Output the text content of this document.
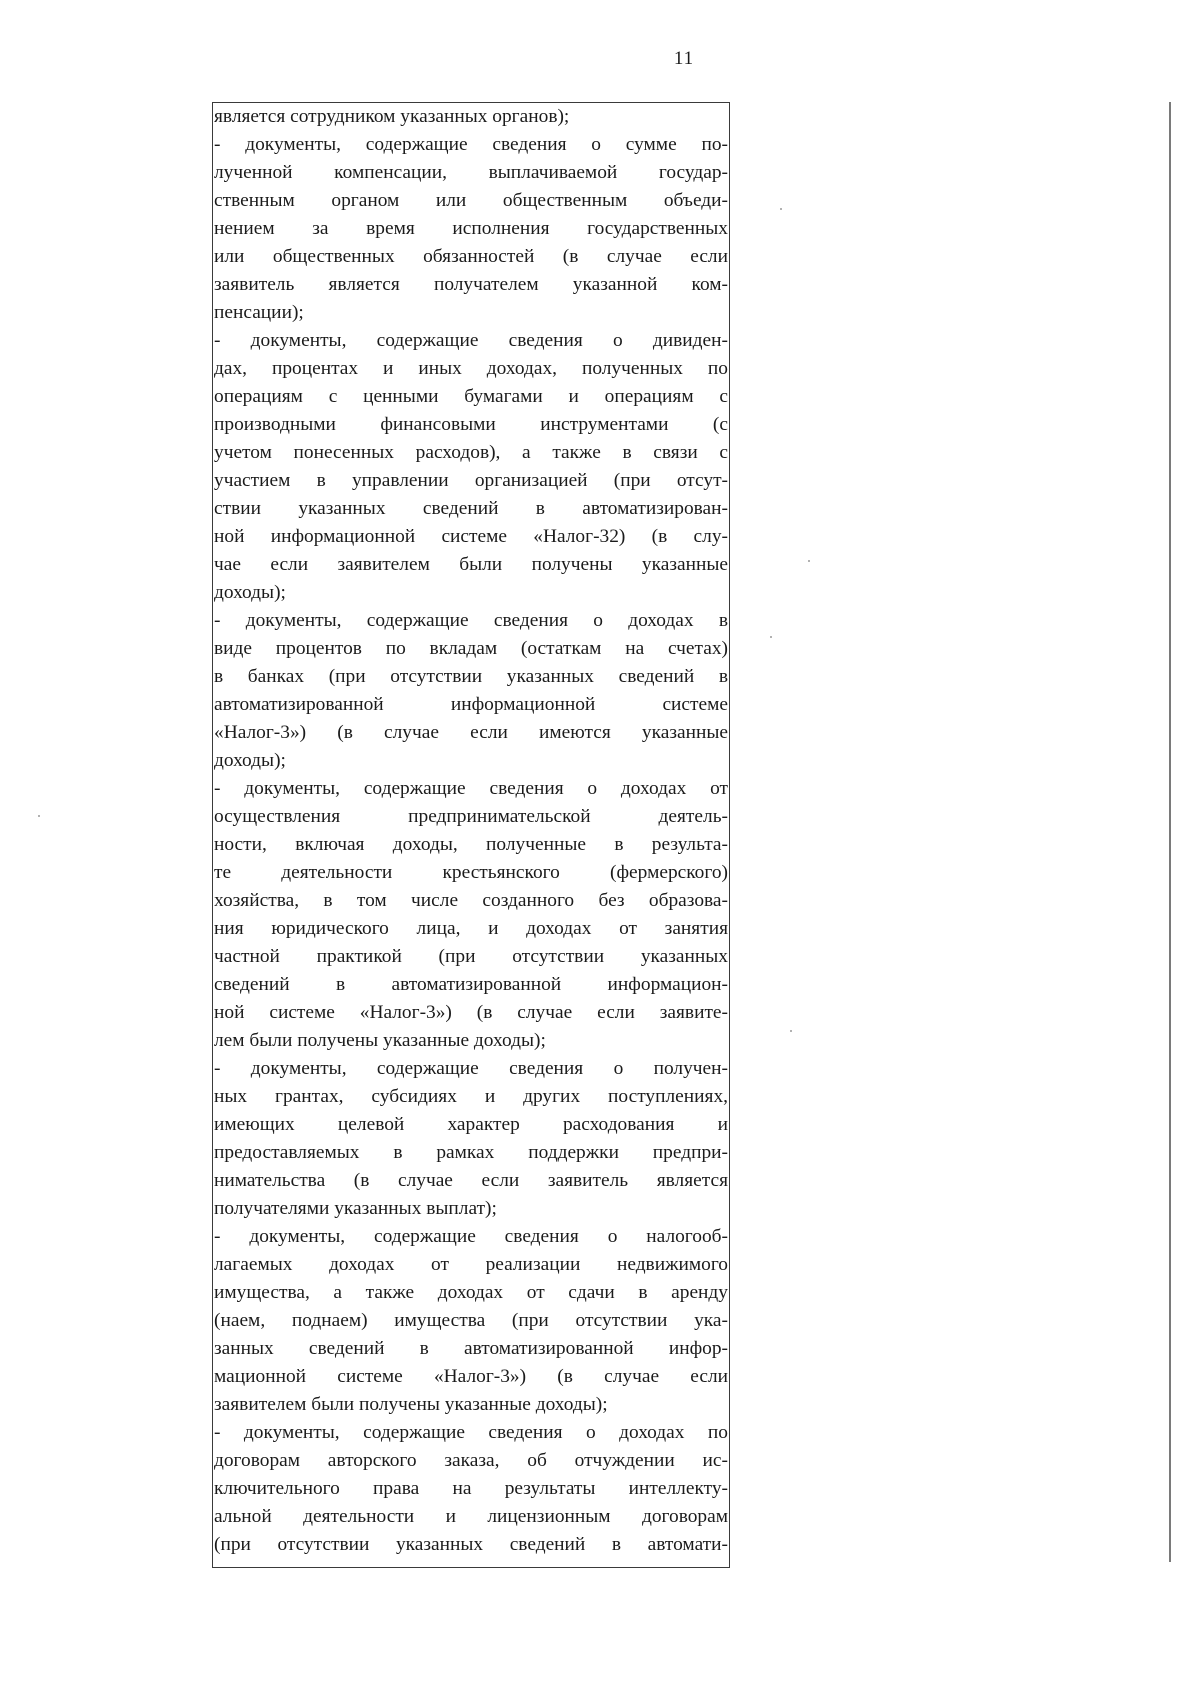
11
является сотрудником указанных органов);
- документы, содержащие сведения о сумме по-
лученной компенсации, выплачиваемой государ-
ственным органом или общественным объеди-
нением за время исполнения государственных
или общественных обязанностей (в случае если
заявитель является получателем указанной ком-
пенсации);
- документы, содержащие сведения о дивиден-
дах, процентах и иных доходах, полученных по
операциям с ценными бумагами и операциям с
производными финансовыми инструментами (с
учетом понесенных расходов), а также в связи с
участием в управлении организацией (при отсут-
ствии указанных сведений в автоматизирован-
ной информационной системе «Налог-32) (в слу-
чае если заявителем были получены указанные
доходы);
- документы, содержащие сведения о доходах в
виде процентов по вкладам (остаткам на счетах)
в банках (при отсутствии указанных сведений в
автоматизированной информационной системе
«Налог-3») (в случае если имеются указанные
доходы);
- документы, содержащие сведения о доходах от
осуществления предпринимательской деятель-
ности, включая доходы, полученные в результа-
те деятельности крестьянского (фермерского)
хозяйства, в том числе созданного без образова-
ния юридического лица, и доходах от занятия
частной практикой (при отсутствии указанных
сведений в автоматизированной информацион-
ной системе «Налог-3») (в случае если заявите-
лем были получены указанные доходы);
- документы, содержащие сведения о получен-
ных грантах, субсидиях и других поступлениях,
имеющих целевой характер расходования и
предоставляемых в рамках поддержки предпри-
нимательства (в случае если заявитель является
получателями указанных выплат);
- документы, содержащие сведения о налогооб-
лагаемых доходах от реализации недвижимого
имущества, а также доходах от сдачи в аренду
(наем, поднаем) имущества (при отсутствии ука-
занных сведений в автоматизированной инфор-
мационной системе «Налог-3») (в случае если
заявителем были получены указанные доходы);
- документы, содержащие сведения о доходах по
договорам авторского заказа, об отчуждении ис-
ключительного права на результаты интеллекту-
альной деятельности и лицензионным договорам
(при отсутствии указанных сведений в автомати-
